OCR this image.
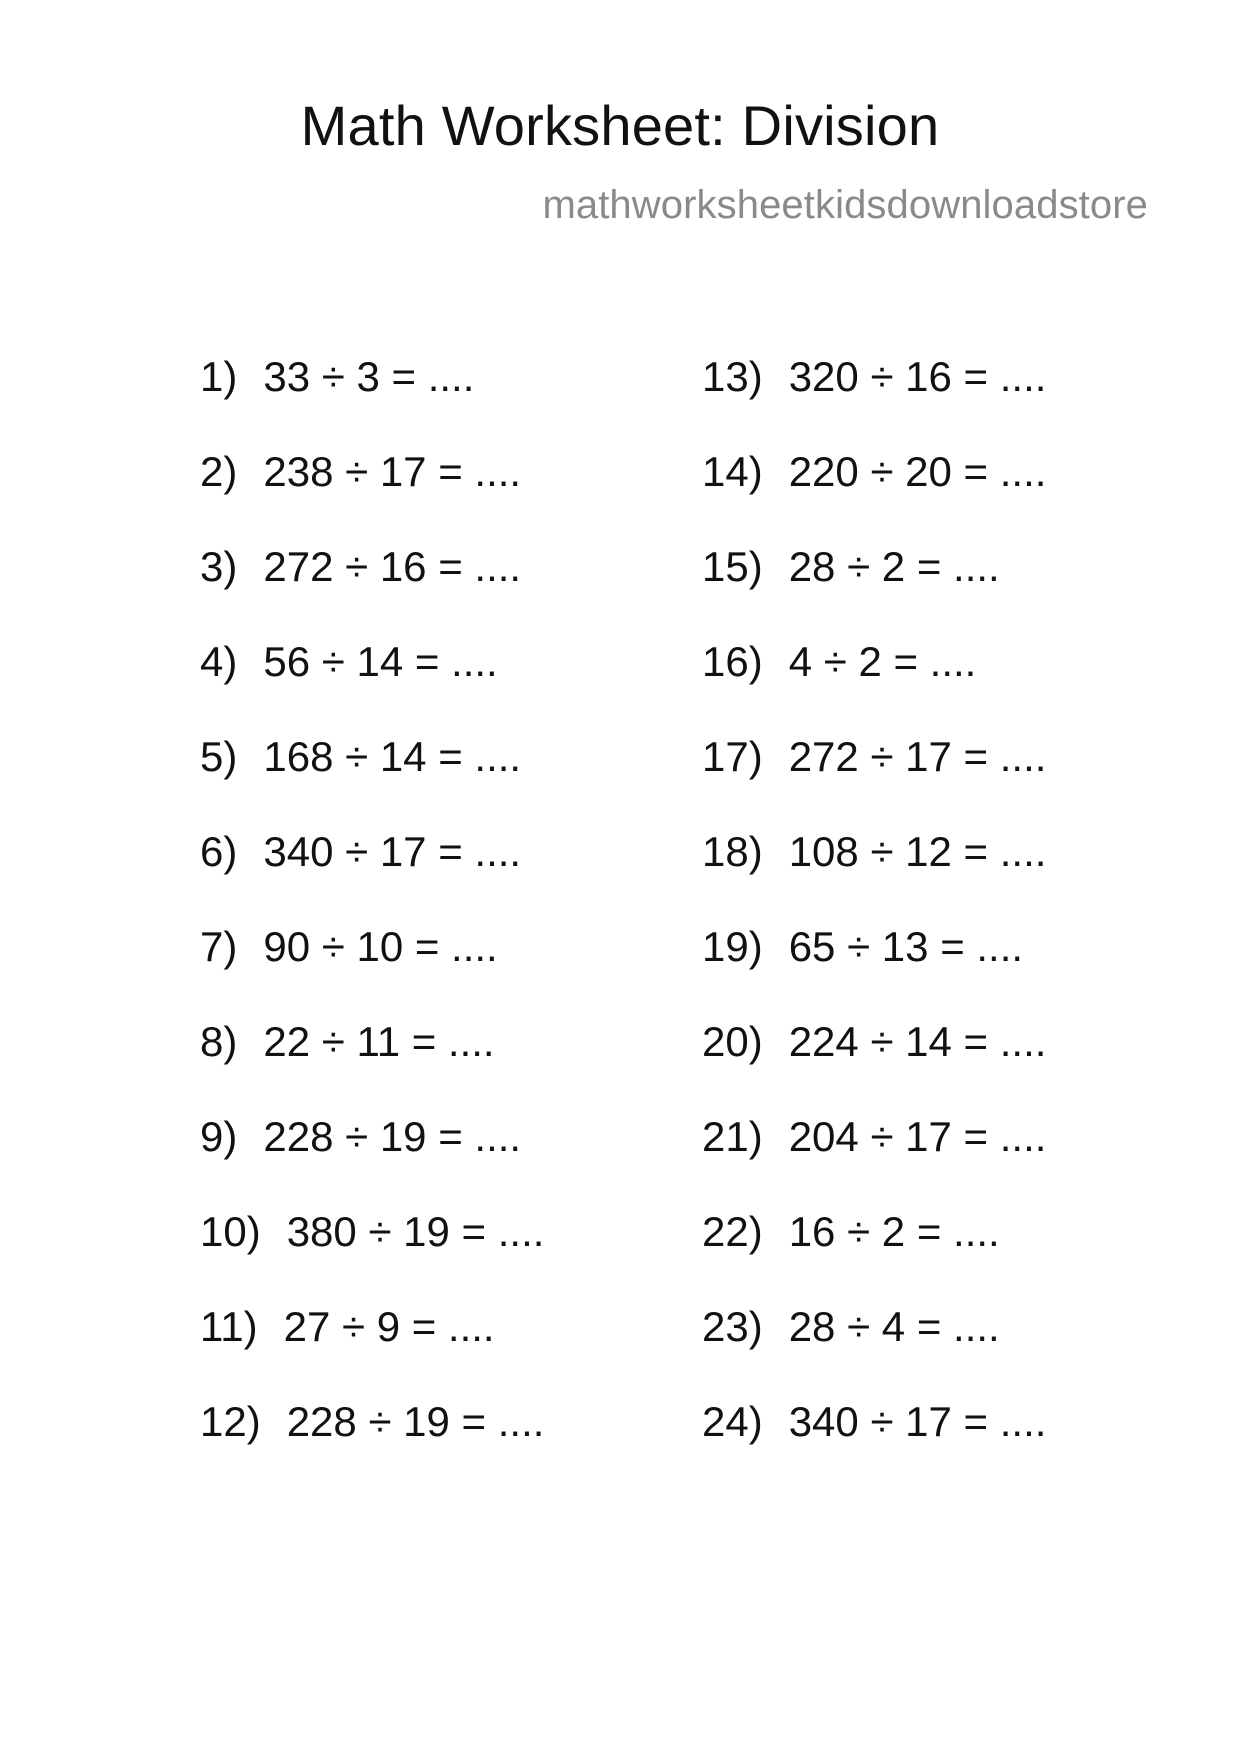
Math Worksheet: Division
mathworksheetkidsdownloadstore
1) 33 ÷ 3 = ....
2) 238 ÷ 17 = ....
3) 272 ÷ 16 = ....
4) 56 ÷ 14 = ....
5) 168 ÷ 14 = ....
6) 340 ÷ 17 = ....
7) 90 ÷ 10 = ....
8) 22 ÷ 11 = ....
9) 228 ÷ 19 = ....
10) 380 ÷ 19 = ....
11) 27 ÷ 9 = ....
12) 228 ÷ 19 = ....
13) 320 ÷ 16 = ....
14) 220 ÷ 20 = ....
15) 28 ÷ 2 = ....
16) 4 ÷ 2 = ....
17) 272 ÷ 17 = ....
18) 108 ÷ 12 = ....
19) 65 ÷ 13 = ....
20) 224 ÷ 14 = ....
21) 204 ÷ 17 = ....
22) 16 ÷ 2 = ....
23) 28 ÷ 4 = ....
24) 340 ÷ 17 = ....
